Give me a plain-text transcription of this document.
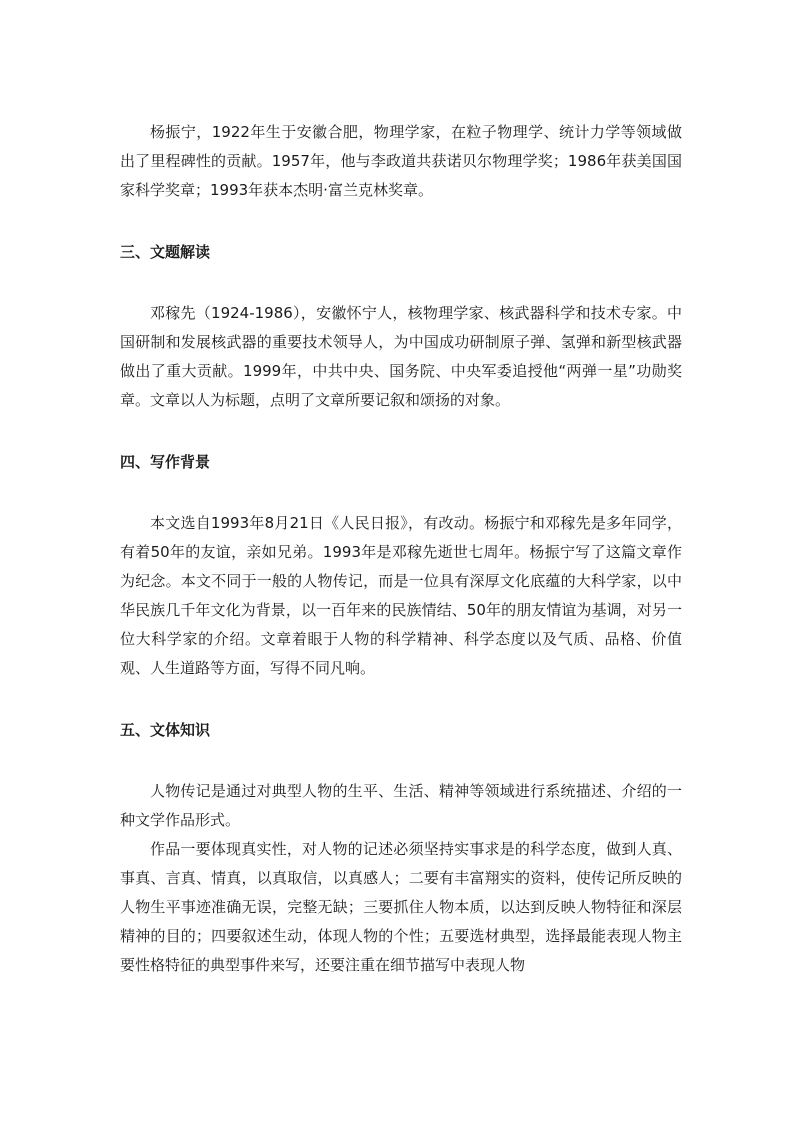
杨振宁，1922年生于安徽合肥，物理学家，在粒子物理学、统计力学等领域做出了里程碑性的贡献。1957年，他与李政道共获诺贝尔物理学奖；1986年获美国国家科学奖章；1993年获本杰明·富兰克林奖章。

三、文题解读

邓稼先（1924-1986），安徽怀宁人，核物理学家、核武器科学和技术专家。中国研制和发展核武器的重要技术领导人，为中国成功研制原子弹、氢弹和新型核武器做出了重大贡献。1999年，中共中央、国务院、中央军委追授他“两弹一星”功勋奖章。文章以人为标题，点明了文章所要记叙和颂扬的对象。

四、写作背景

本文选自1993年8月21日《人民日报》，有改动。杨振宁和邓稼先是多年同学，有着50年的友谊，亲如兄弟。1993年是邓稼先逝世七周年。杨振宁写了这篇文章作为纪念。本文不同于一般的人物传记，而是一位具有深厚文化底蕴的大科学家，以中华民族几千年文化为背景，以一百年来的民族情结、50年的朋友情谊为基调，对另一位大科学家的介绍。文章着眼于人物的科学精神、科学态度以及气质、品格、价值观、人生道路等方面，写得不同凡响。

五、文体知识

人物传记是通过对典型人物的生平、生活、精神等领域进行系统描述、介绍的一种文学作品形式。

作品一要体现真实性，对人物的记述必须坚持实事求是的科学态度，做到人真、事真、言真、情真，以真取信，以真感人；二要有丰富翔实的资料，使传记所反映的人物生平事迹准确无误，完整无缺；三要抓住人物本质，以达到反映人物特征和深层精神的目的；四要叙述生动，体现人物的个性；五要选材典型，选择最能表现人物主要性格特征的典型事件来写，还要注重在细节描写中表现人物
